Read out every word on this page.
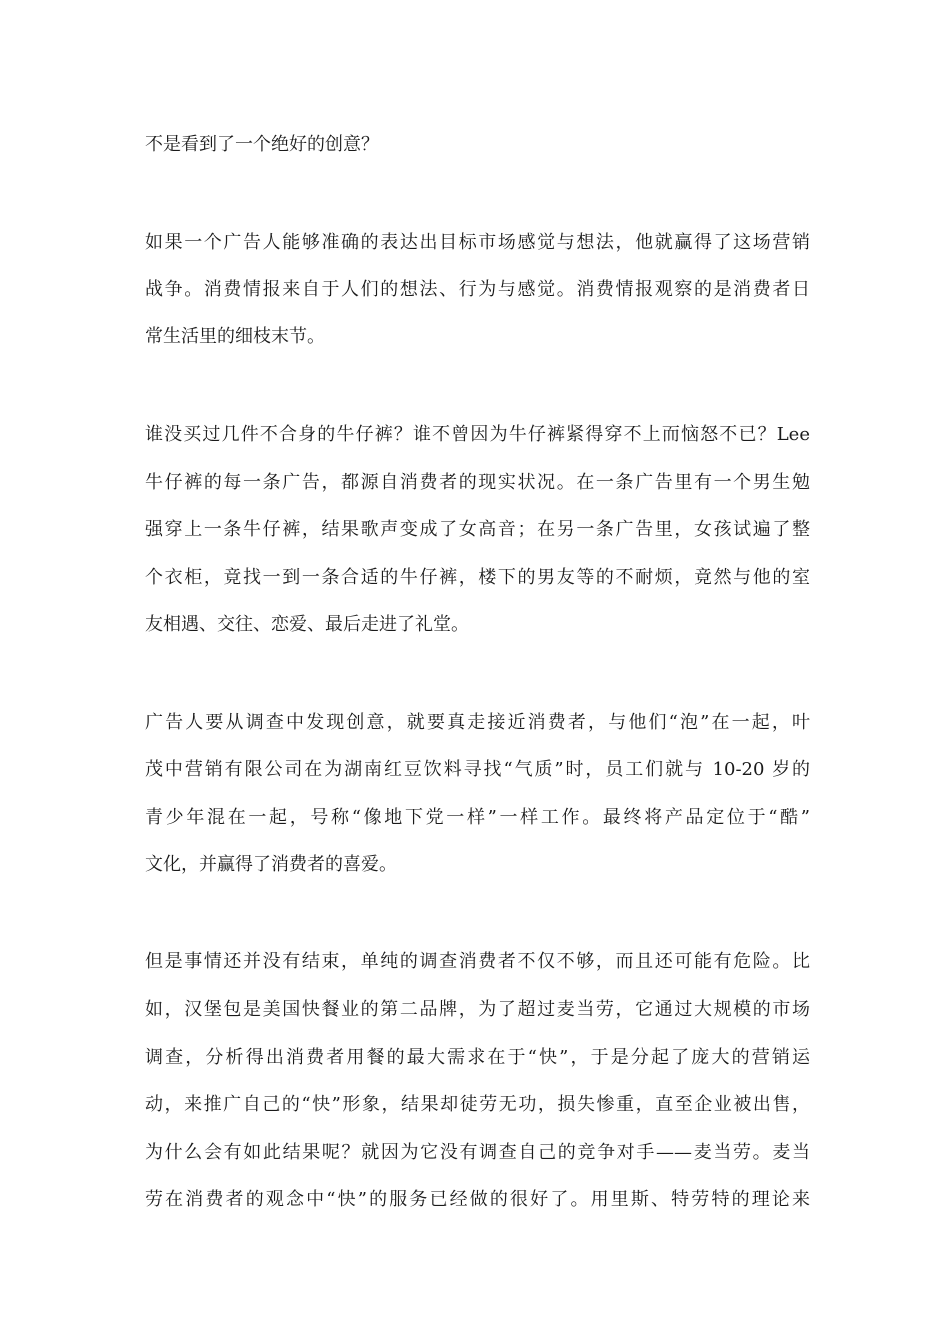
不是看到了一个绝好的创意？

如果一个广告人能够准确的表达出目标市场感觉与想法，他就赢得了这场营销

战争。消费情报来自于人们的想法、行为与感觉。消费情报观察的是消费者日

常生活里的细枝末节。

谁没买过几件不合身的牛仔裤？谁不曾因为牛仔裤紧得穿不上而恼怒不已？Lee

牛仔裤的每一条广告，都源自消费者的现实状况。在一条广告里有一个男生勉

强穿上一条牛仔裤，结果歌声变成了女高音；在另一条广告里，女孩试遍了整

个衣柜，竟找一到一条合适的牛仔裤，楼下的男友等的不耐烦，竟然与他的室

友相遇、交往、恋爱、最后走进了礼堂。

广告人要从调查中发现创意，就要真走接近消费者，与他们“泡”在一起，叶

茂中营销有限公司在为湖南红豆饮料寻找“气质”时，员工们就与 10-20 岁的

青少年混在一起，号称“像地下党一样”一样工作。最终将产品定位于“酷”

文化，并赢得了消费者的喜爱。

但是事情还并没有结束，单纯的调查消费者不仅不够，而且还可能有危险。比

如，汉堡包是美国快餐业的第二品牌，为了超过麦当劳，它通过大规模的市场

调查，分析得出消费者用餐的最大需求在于“快”，于是分起了庞大的营销运

动，来推广自己的“快”形象，结果却徒劳无功，损失惨重，直至企业被出售，

为什么会有如此结果呢？就因为它没有调查自己的竞争对手——麦当劳。麦当

劳在消费者的观念中“快”的服务已经做的很好了。用里斯、特劳特的理论来
